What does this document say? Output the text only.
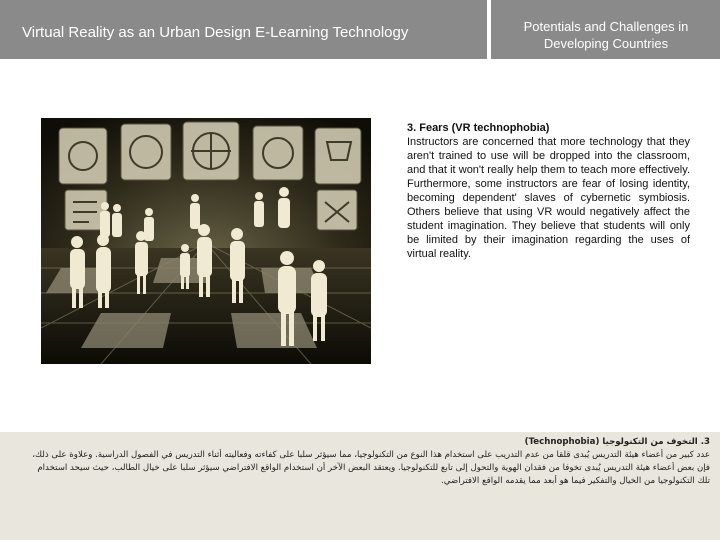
Virtual Reality as an Urban Design E-Learning Technology	Potentials and Challenges in
Developing Countries

3. Fears (VR technophobia)

Instructors are concerned that more technology that they aren't trained to use will be dropped into the classroom, and that it won't really help them to teach more effectively. Furthermore, some instructors are fear of losing identity, becoming dependent' slaves of cybernetic symbiosis. Others believe that using VR would negatively affect the student imagination. They believe that students will only be limited by their imagination regarding the uses of virtual reality.

3. التخوف من التكنولوجيا (Technophobia)
عدد كبير من أعضاء هيئة التدريس يُبدى قلقا من عدم التدريب على استخدام هذا النوع من التكنولوجيا، مما سيؤثر سلبا على كفاءته وفعاليته أثناء التدريس في الفصول الدراسية. وعلاوة على ذلك،
فإن بعض أعضاء هيئة التدريس يُبدى تخوفا من فقدان الهوية والتحول إلى تابع للتكنولوجيا. ويعتقد البعض الآخر أن استخدام الواقع الافتراضي سيؤثر سلبا على خيال الطالب، حيث سيحد استخدام
تلك التكنولوجيا من الخيال والتفكير فيما هو أبعد مما يقدمه الواقع الافتراضي.
